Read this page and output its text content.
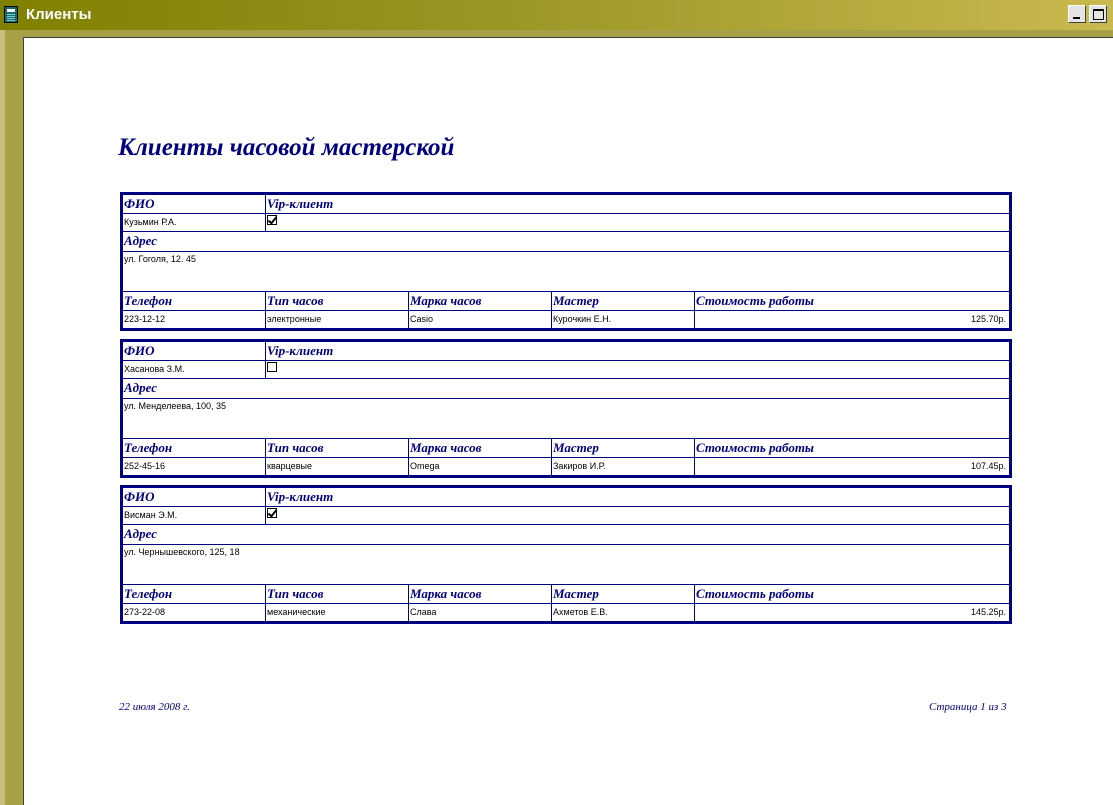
Клиенты
Клиенты часовой мастерской
ФИО	Vip-клиент
Кузьмин Р.А.
Адрес
ул. Гоголя, 12. 45
Телефон	Тип часов	Марка часов	Мастер	Стоимость работы
223-12-12	электронные	Casio	Курочкин Е.Н.	125.70р.
ФИО	Vip-клиент
Хасанова З.М.
Адрес
ул. Менделеева, 100, 35
Телефон	Тип часов	Марка часов	Мастер	Стоимость работы
252-45-16	кварцевые	Omega	Закиров И.Р.	107.45р.
ФИО	Vip-клиент
Висман Э.М.
Адрес
ул. Чернышевского, 125, 18
Телефон	Тип часов	Марка часов	Мастер	Стоимость работы
273-22-08	механические	Слава	Ахметов Е.В.	145.25р.
22 июля 2008 г.	Страница 1 из 3
